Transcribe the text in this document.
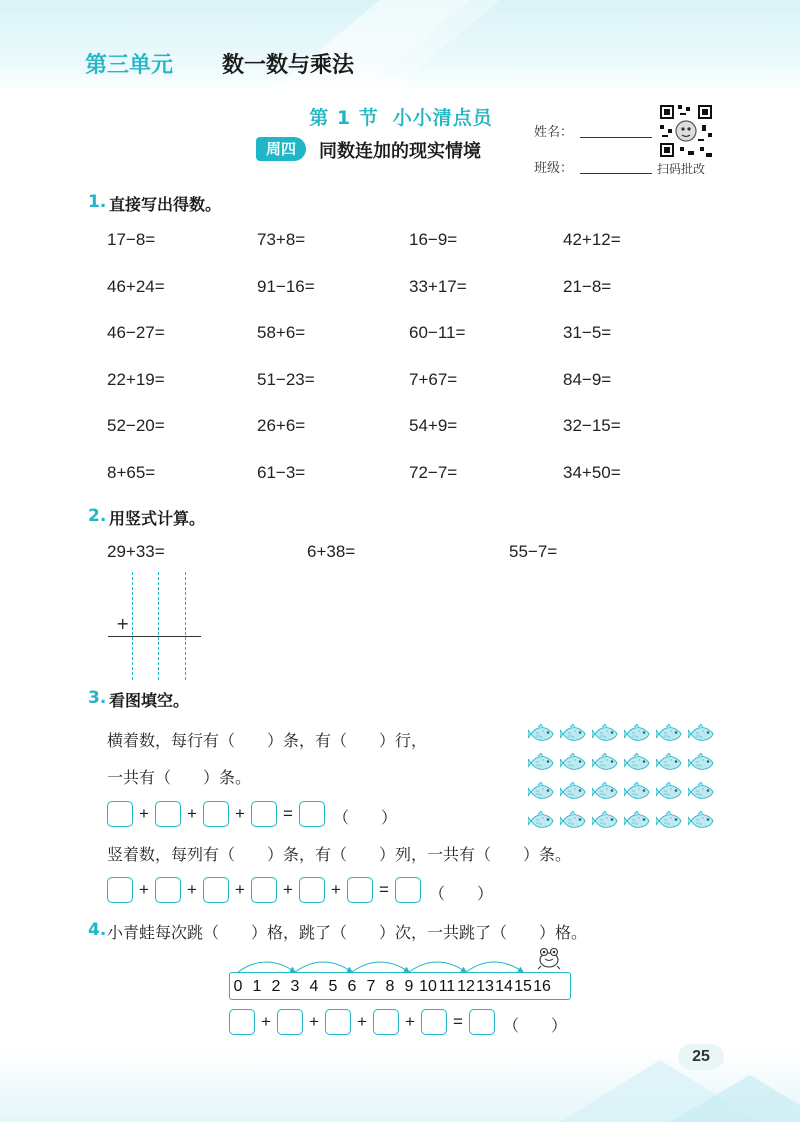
第三单元 数一数与乘法
第 1 节 小小清点员
周四	同数连加的现实情境
姓名：
班级：	扫码批改
1. 直接写出得数。
17−8=	73+8=	16−9=	42+12=
46+24=	91−16=	33+17=	21−8=
46−27=	58+6=	60−11=	31−5=
22+19=	51−23=	7+67=	84−9=
52−20=	26+6=	54+9=	32−15=
8+65=	61−3=	72−7=	34+50=
2. 用竖式计算。
29+33=	6+38=	55−7=
+
3. 看图填空。
横着数，每行有（　　）条，有（　　）行，
一共有（　　）条。
+ + + =	（　　）
竖着数，每列有（　　）条，有（　　）列，一共有（　　）条。
+ + + + + =	（　　）
4. 小青蛙每次跳（　　）格，跳了（　　）次，一共跳了（　　）格。
0 1 2 3 4 5 6 7 8 9 10 11 12 13 14 15 16
+ + + + =	（　　）
25
